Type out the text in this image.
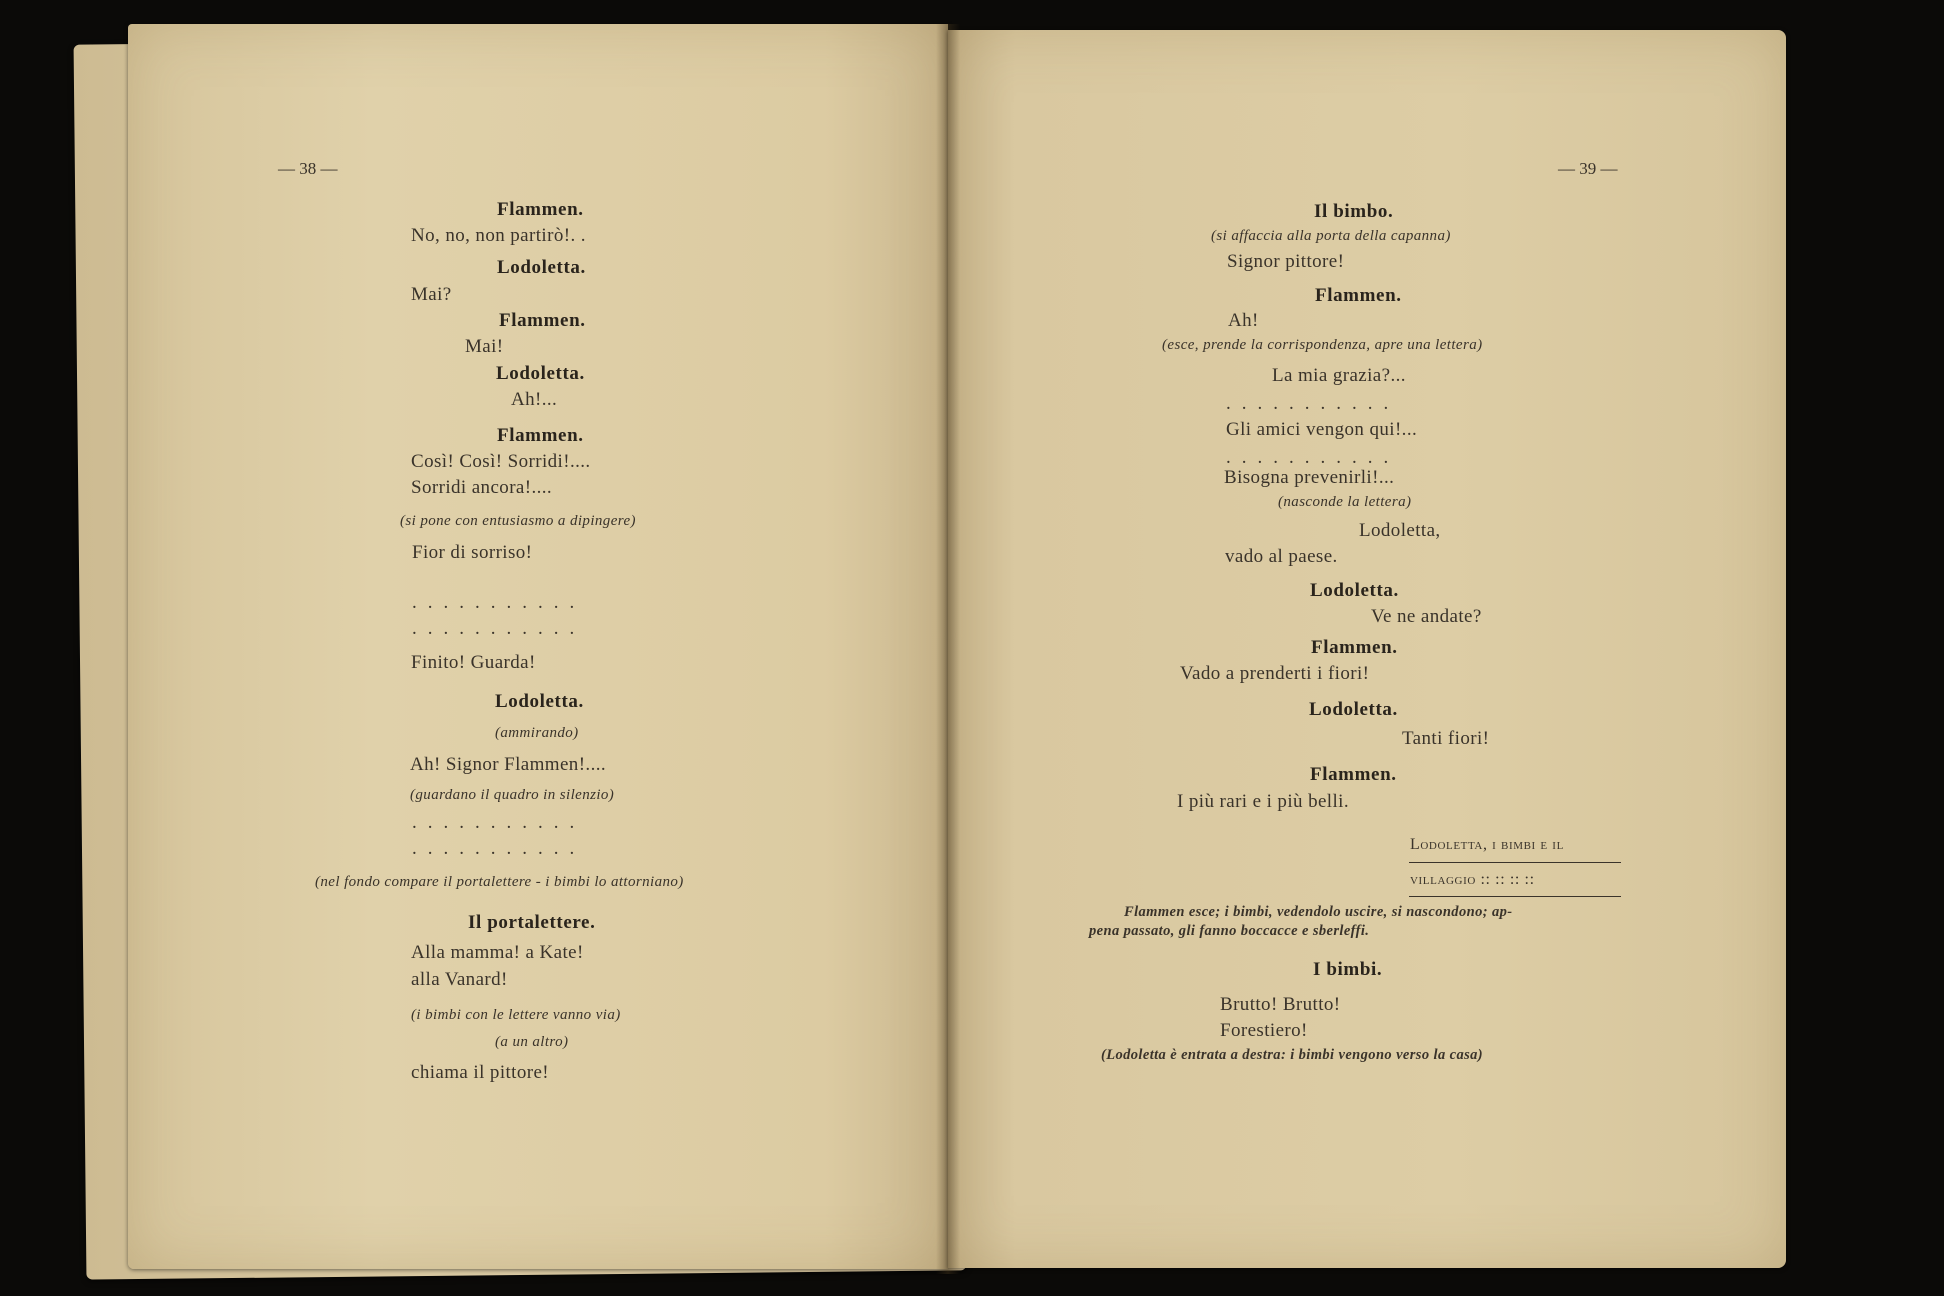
— 38 —
Flammen.
No, no, non partirò!. .
Lodoletta.
Mai?
Flammen.
Mai!
Lodoletta.
Ah!...
Flammen.
Così! Così! Sorridi!....
Sorridi ancora!....
(si pone con entusiasmo a dipingere)
Fior di sorriso!
...........
...........
Finito! Guarda!
Lodoletta.
(ammirando)
Ah! Signor Flammen!....
(guardano il quadro in silenzio)
...........
...........
(nel fondo compare il portalettere - i bimbi lo attorniano)
Il portalettere.
Alla mamma! a Kate!
alla Vanard!
(i bimbi con le lettere vanno via)
(a un altro)
chiama il pittore!
— 39 —
Il bimbo.
(si affaccia alla porta della capanna)
Signor pittore!
Flammen.
Ah!
(esce, prende la corrispondenza, apre una lettera)
La mia grazia?...
...........
Gli amici vengon qui!...
...........
Bisogna prevenirli!...
(nasconde la lettera)
Lodoletta,
vado al paese.
Lodoletta.
Ve ne andate?
Flammen.
Vado a prenderti i fiori!
Lodoletta.
Tanti fiori!
Flammen.
I più rari e i più belli.
Lodoletta, i bimbi e il
villaggio :: :: :: ::
Flammen esce; i bimbi, vedendolo uscire, si nascondono; ap-
pena passato, gli fanno boccacce e sberleffi.
I bimbi.
Brutto! Brutto!
Forestiero!
(Lodoletta è entrata a destra: i bimbi vengono verso la casa)
